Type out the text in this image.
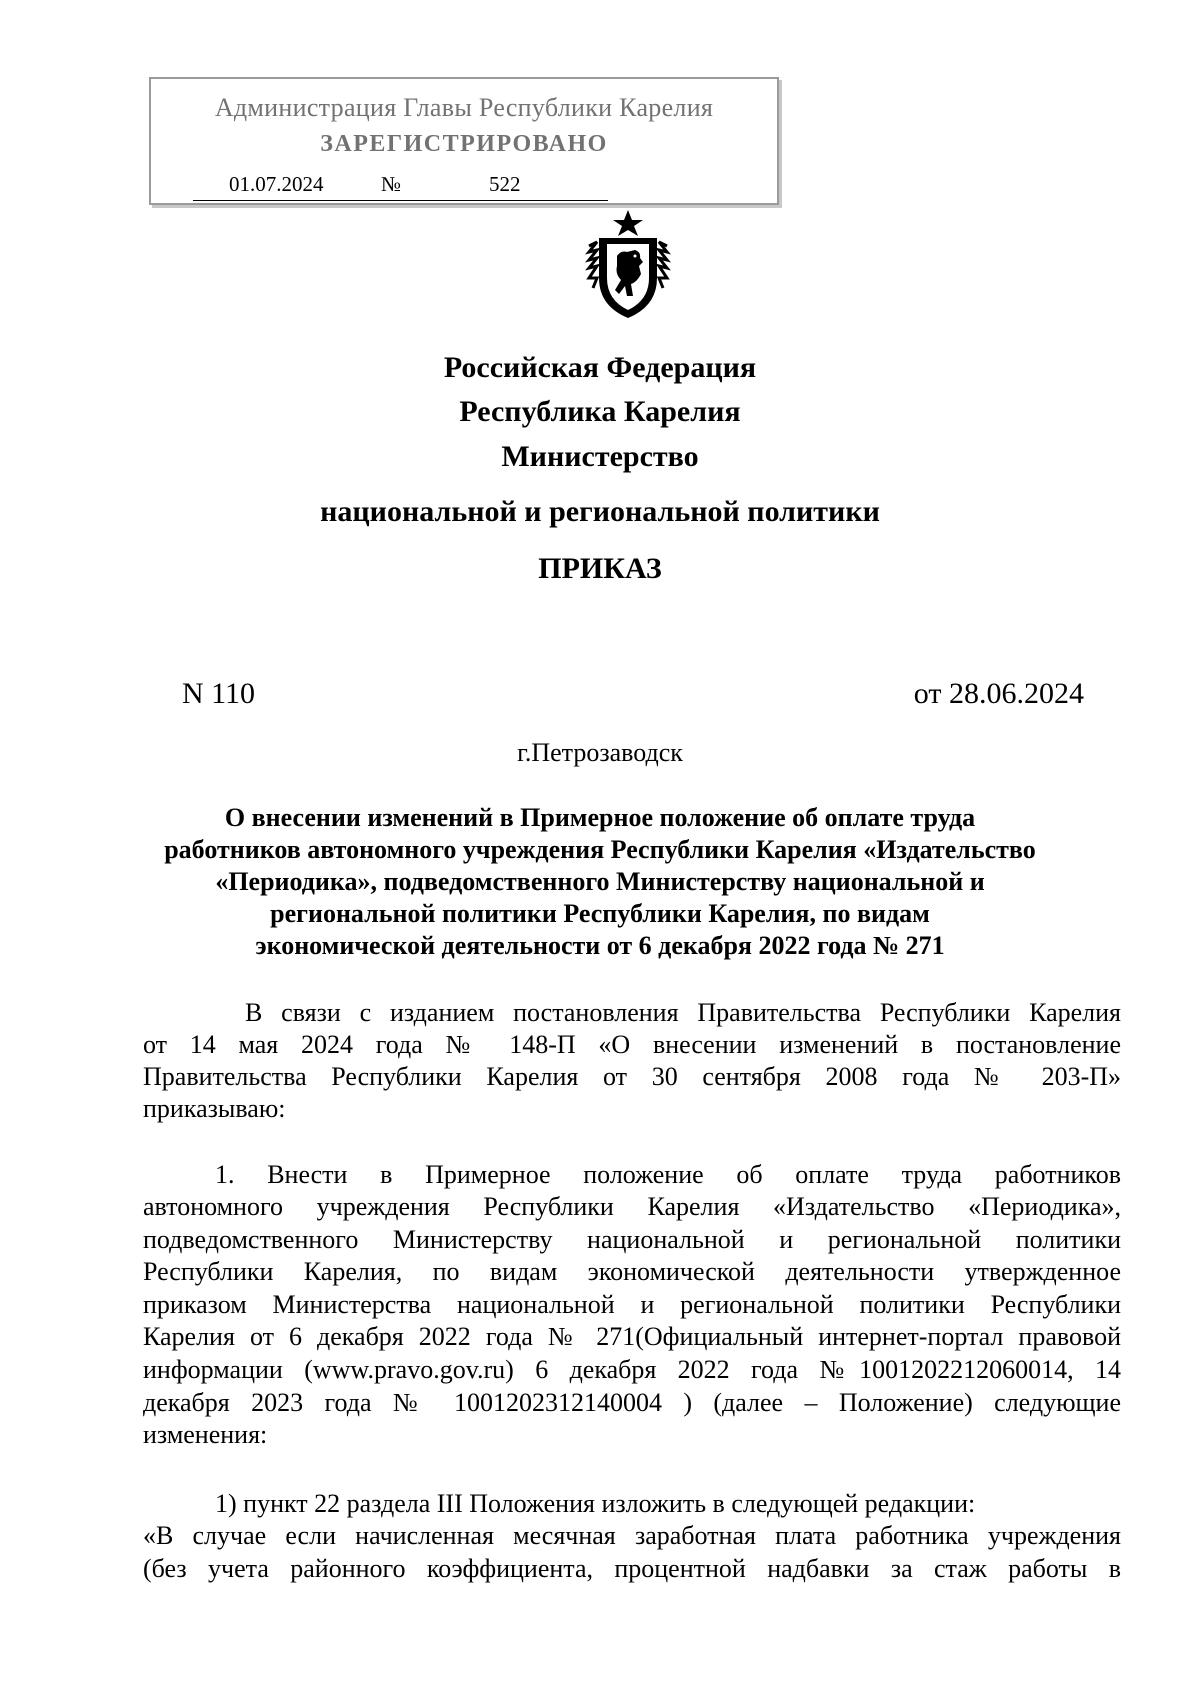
Администрация Главы Республики Карелия
ЗАРЕГИСТРИРОВАНО
01.07.2024	№	522
Российская Федерация
Республика Карелия
Министерство
национальной и региональной политики
ПРИКАЗ
N 110	от 28.06.2024
г.Петрозаводск
О внесении изменений в Примерное положение об оплате труда
работников автономного учреждения Республики Карелия «Издательство
«Периодика», подведомственного Министерству национальной и
региональной политики Республики Карелия, по видам
экономической деятельности от 6 декабря 2022 года № 271
В связи с изданием постановления Правительства Республики Карелия
от 14 мая 2024 года № 148-П «О внесении изменений в постановление
Правительства Республики Карелия от 30 сентября 2008 года № 203-П»
приказываю:
1. Внести в Примерное положение об оплате труда работников
автономного учреждения Республики Карелия «Издательство «Периодика»,
подведомственного Министерству национальной и региональной политики
Республики Карелия, по видам экономической деятельности утвержденное
приказом Министерства национальной и региональной политики Республики
Карелия от 6 декабря 2022 года № 271(Официальный интернет-портал правовой
информации (www.pravo.gov.ru) 6 декабря 2022 года №1001202212060014, 14
декабря 2023 года № 1001202312140004 ) (далее – Положение) следующие
изменения:
1) пункт 22 раздела III Положения изложить в следующей редакции:
«В случае если начисленная месячная заработная плата работника учреждения
(без учета районного коэффициента, процентной надбавки за стаж работы в
